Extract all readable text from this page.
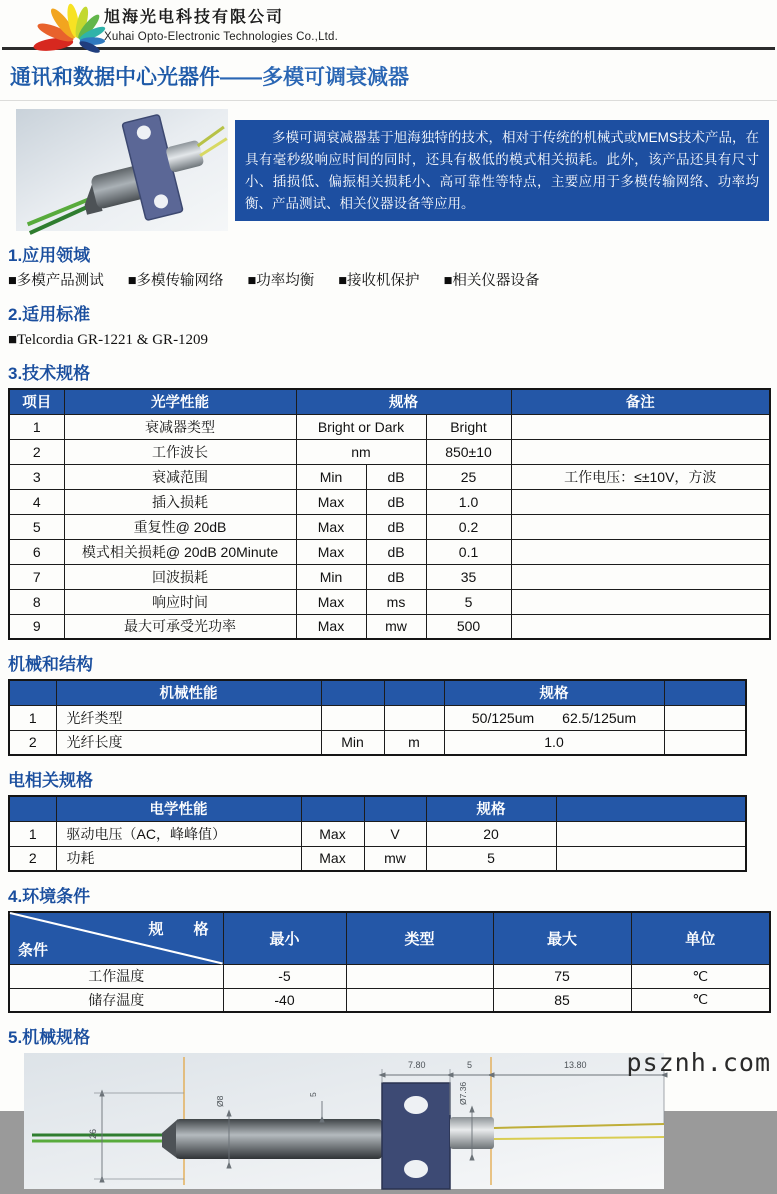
旭海光电科技有限公司
Xuhai Opto-Electronic Technologies Co.,Ltd.
通讯和数据中心光器件——多模可调衰减器
多模可调衰减器基于旭海独特的技术，相对于传统的机械式或MEMS技术产品，在具有毫秒级响应时间的同时，还具有极低的模式相关损耗。此外，该产品还具有尺寸小、插损低、偏振相关损耗小、高可靠性等特点，主要应用于多模传输网络、功率均衡、产品测试、相关仪器设备等应用。
1.应用领域
■多模产品测试 ■多模传输网络 ■功率均衡 ■接收机保护 ■相关仪器设备
2.适用标准
■Telcordia GR-1221 & GR-1209
3.技术规格
项目	光学性能	规格			备注
1	衰减器类型	Bright or Dark		Bright	
2	工作波长	nm		850±10	
3	衰减范围	Min	dB	25	工作电压：≤±10V，方波
4	插入损耗	Max	dB	1.0	
5	重复性@ 20dB	Max	dB	0.2	
6	模式相关损耗@ 20dB 20Minute	Max	dB	0.1	
7	回波损耗	Min	dB	35	
8	响应时间	Max	ms	5	
9	最大可承受光功率	Max	mw	500	
机械和结构
	机械性能			规格	
1	光纤类型			50/125um　　62.5/125um	
2	光纤长度	Min	m	1.0	
电相关规格
	电学性能			规格	
1	驱动电压（AC，峰峰值）	Max	V	20	
2	功耗	Max	mw	5	
4.环境条件
规　　格
条件	最小	类型	最大	单位
工作温度	-5		75	℃
储存温度	-40		85	℃
5.机械规格
7.80	5	13.80
26
Ø8
5	Ø7.36
psznh.com
